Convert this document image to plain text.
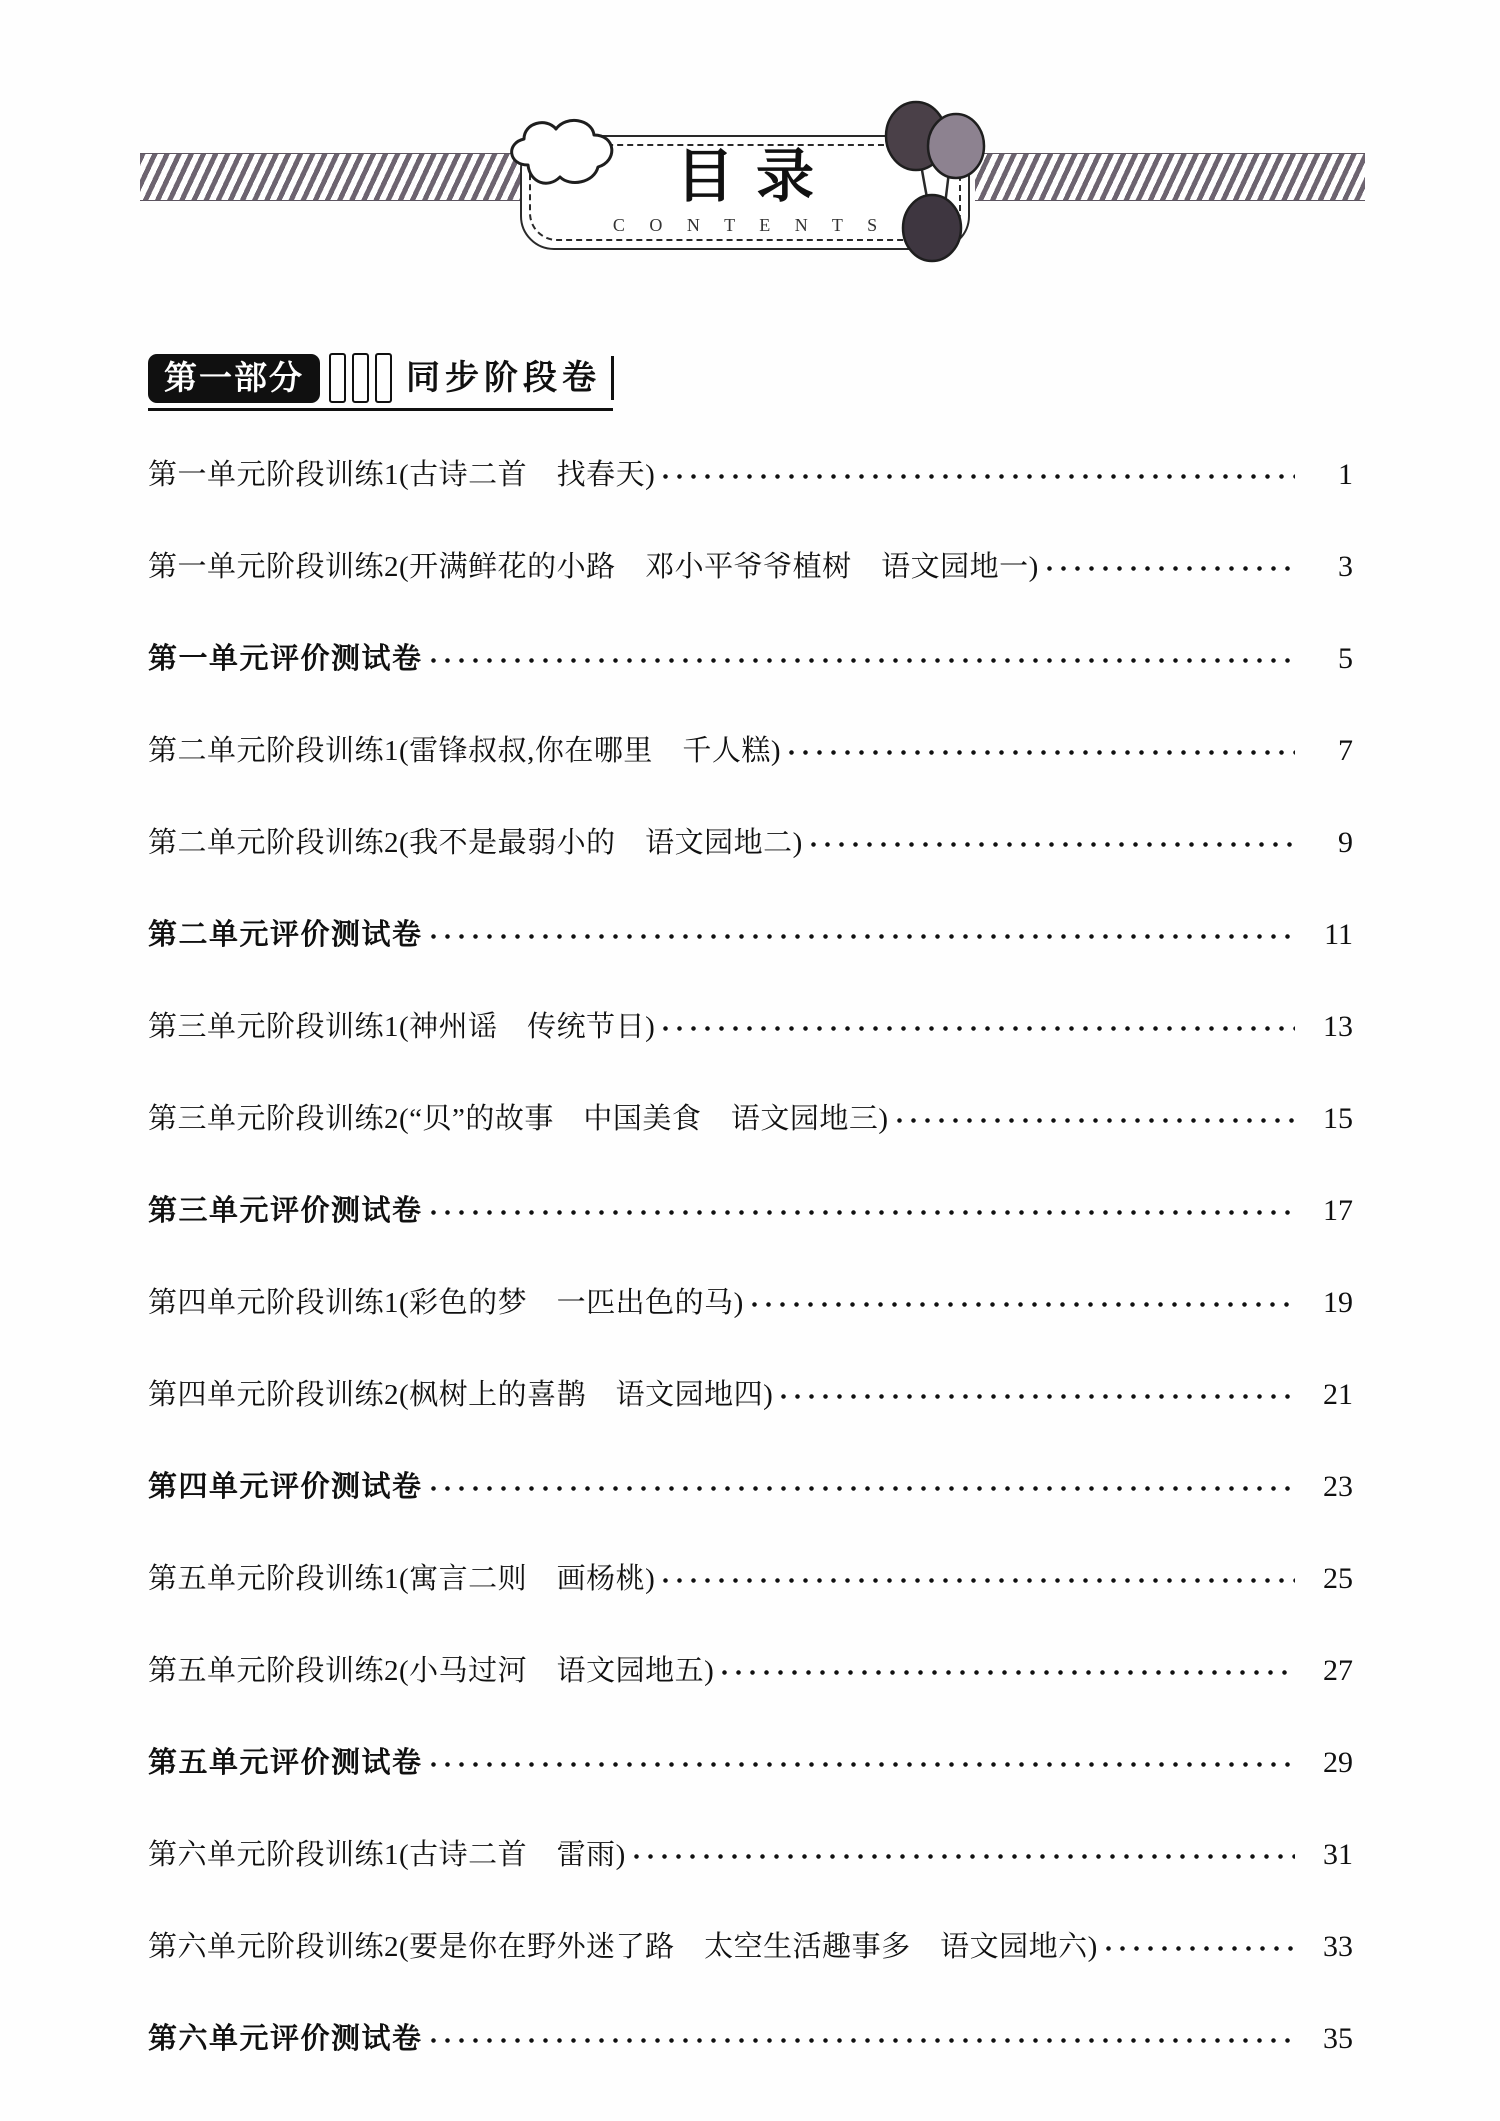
目录
C O N T E N T S
第一部分	同步阶段卷
第一单元阶段训练1(古诗二首　找春天)	1
第一单元阶段训练2(开满鲜花的小路　邓小平爷爷植树　语文园地一)	3
第一单元评价测试卷	5
第二单元阶段训练1(雷锋叔叔,你在哪里　千人糕)	7
第二单元阶段训练2(我不是最弱小的　语文园地二)	9
第二单元评价测试卷	11
第三单元阶段训练1(神州谣　传统节日)	13
第三单元阶段训练2(“贝”的故事　中国美食　语文园地三)	15
第三单元评价测试卷	17
第四单元阶段训练1(彩色的梦　一匹出色的马)	19
第四单元阶段训练2(枫树上的喜鹊　语文园地四)	21
第四单元评价测试卷	23
第五单元阶段训练1(寓言二则　画杨桃)	25
第五单元阶段训练2(小马过河　语文园地五)	27
第五单元评价测试卷	29
第六单元阶段训练1(古诗二首　雷雨)	31
第六单元阶段训练2(要是你在野外迷了路　太空生活趣事多　语文园地六)	33
第六单元评价测试卷	35
